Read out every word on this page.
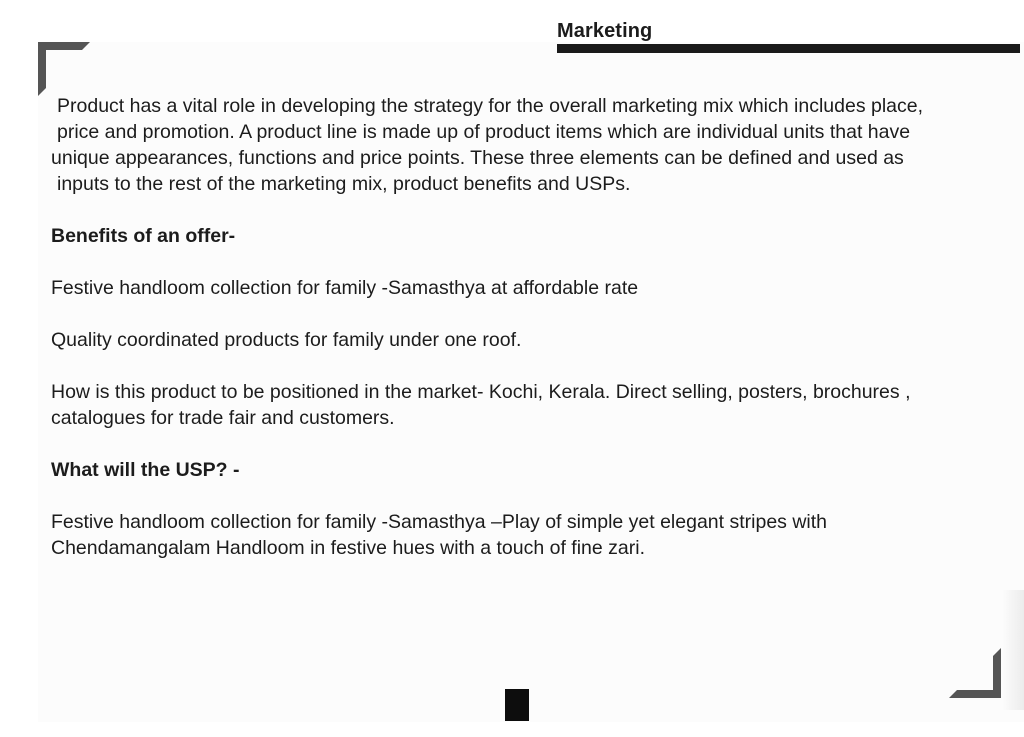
Marketing
Product has a vital role in developing the strategy for the overall marketing mix which includes place,
price and promotion. A product line is made up of product items which are individual units that have
unique appearances, functions and price points. These three elements can be defined and used as
inputs to the rest of the marketing mix, product benefits and USPs.
Benefits of an offer-
Festive handloom collection for family -Samasthya at affordable rate
Quality coordinated products for family under one roof.
How is this product to be positioned in the market- Kochi, Kerala. Direct selling, posters, brochures ,
catalogues for trade fair and customers.
What will the USP? -
Festive handloom collection for family -Samasthya –Play of simple yet elegant stripes with
Chendamangalam Handloom in festive hues with a touch of fine zari.
